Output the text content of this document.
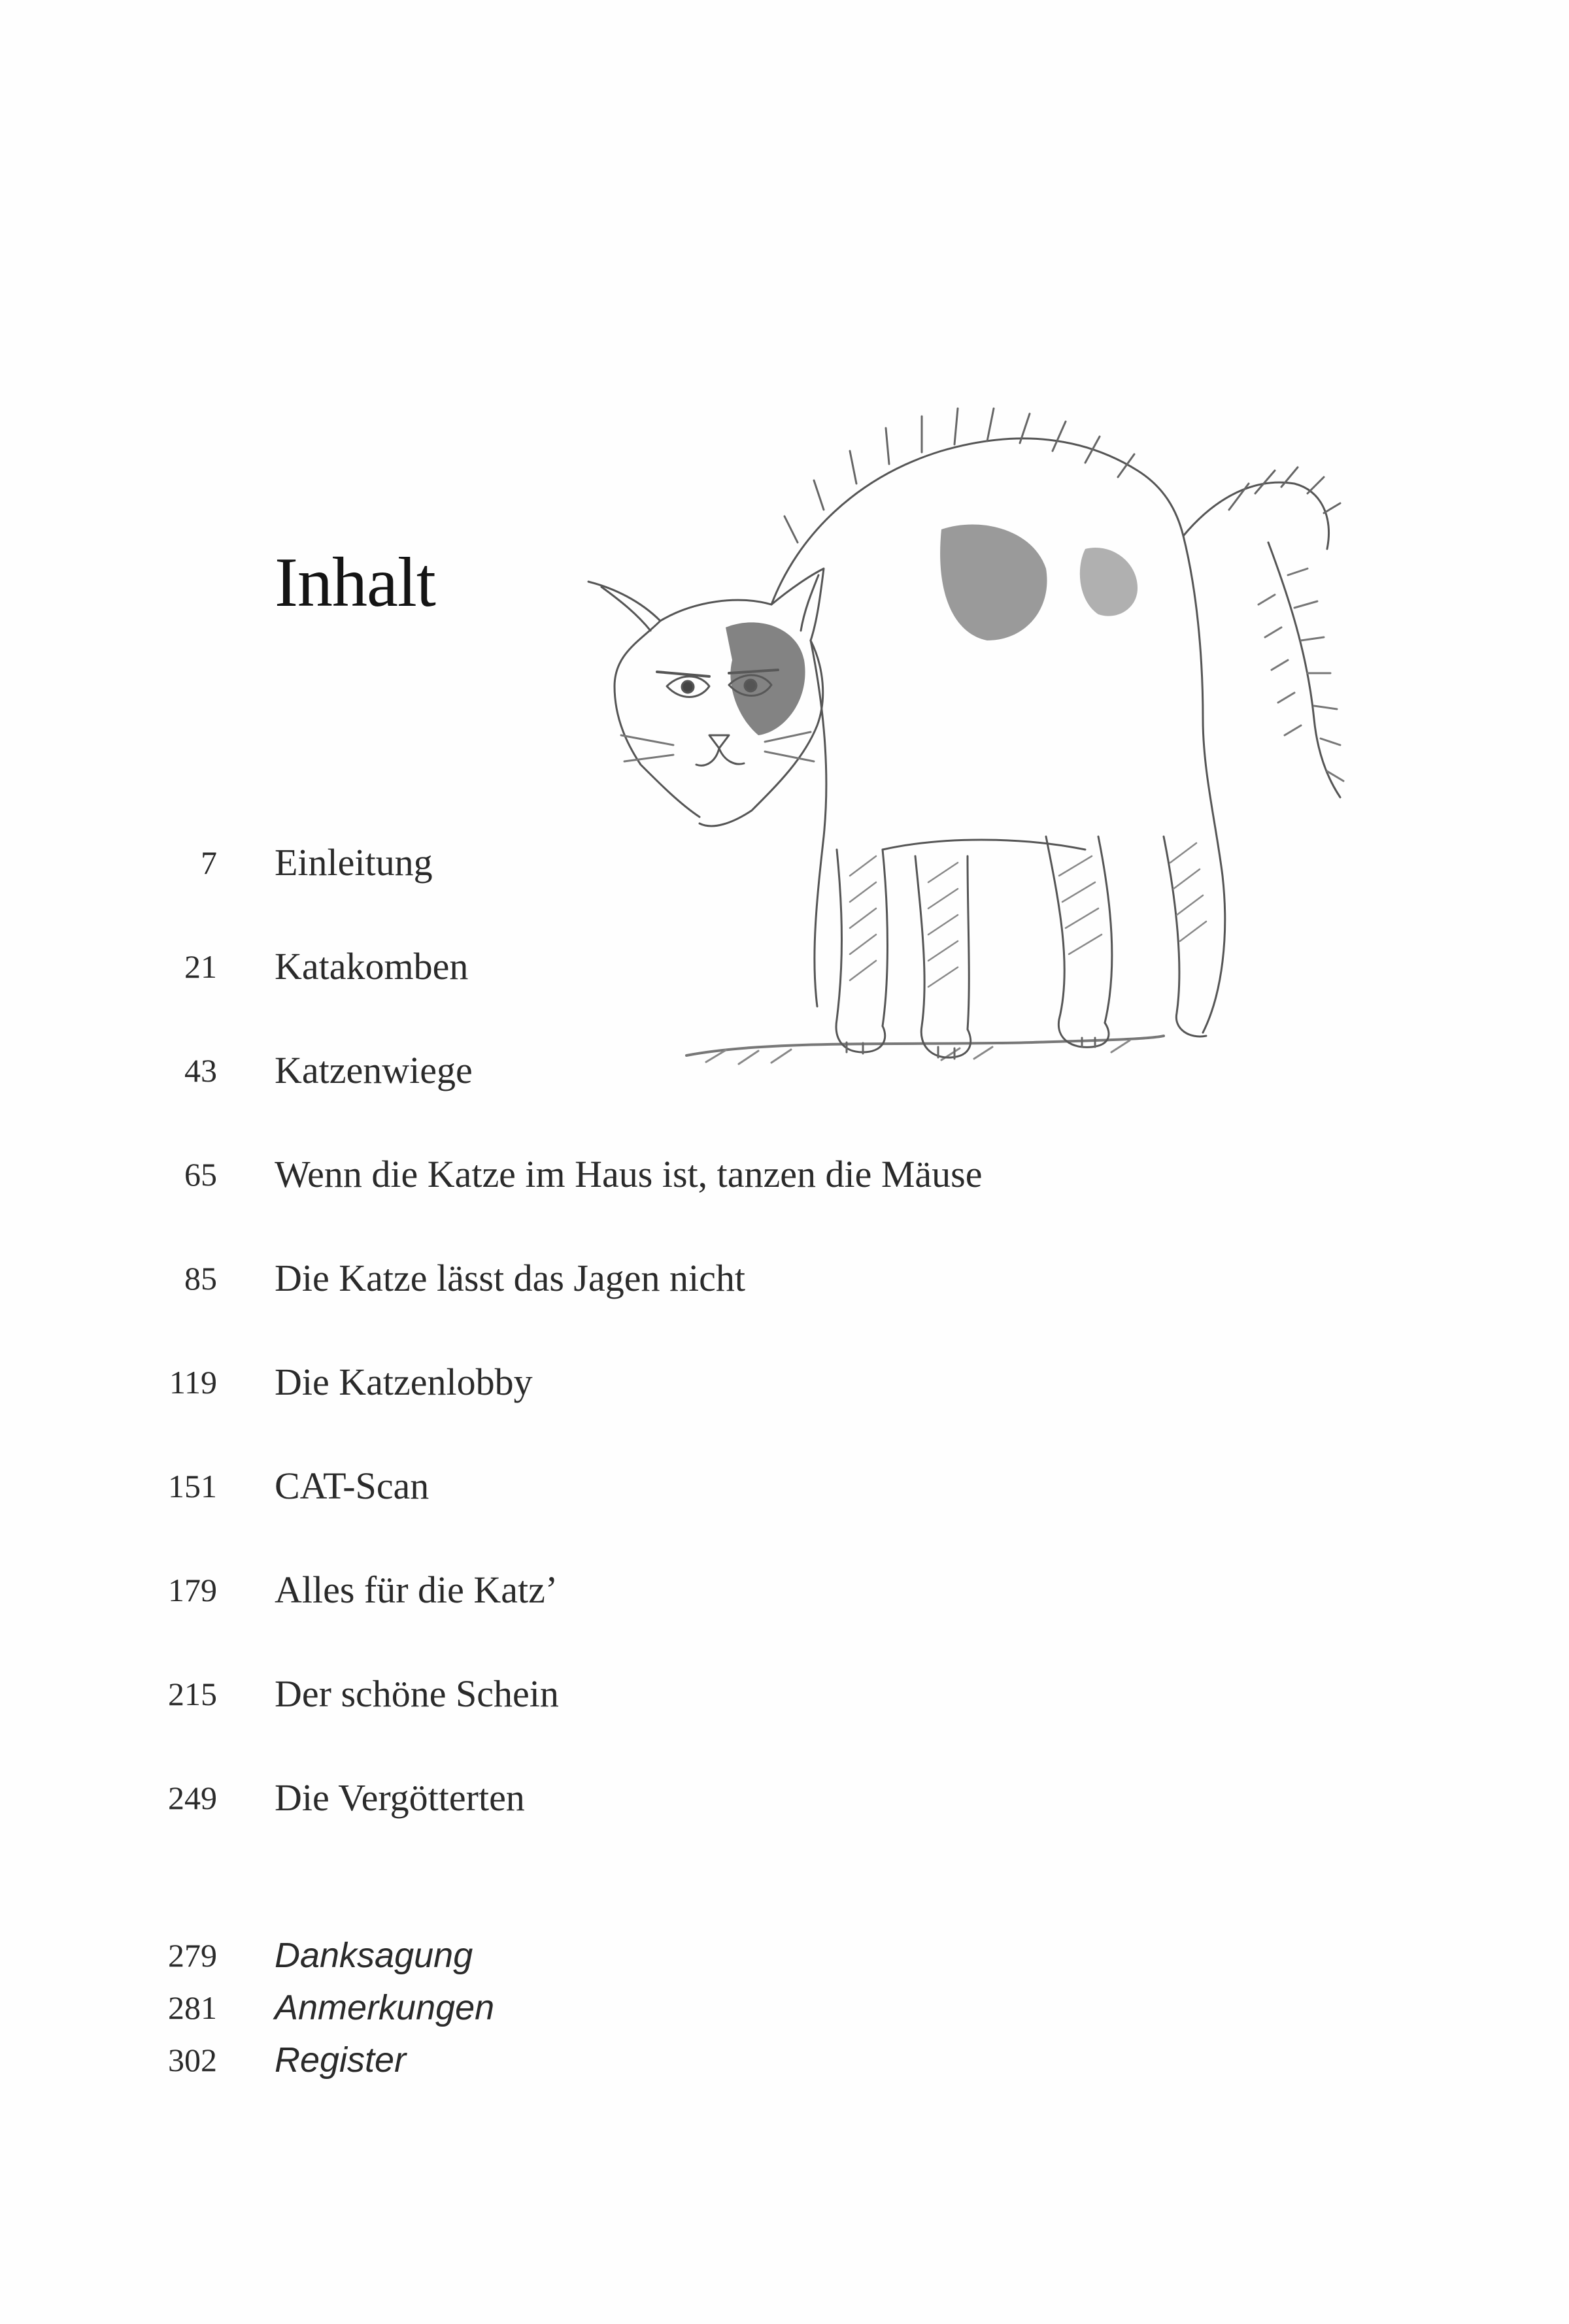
Inhalt
7 Einleitung
21 Katakomben
43 Katzenwiege
65 Wenn die Katze im Haus ist, tanzen die Mäuse
85 Die Katze lässt das Jagen nicht
119 Die Katzenlobby
151 CAT-Scan
179 Alles für die Katz’
215 Der schöne Schein
249 Die Vergötterten
279 Danksagung
281 Anmerkungen
302 Register
